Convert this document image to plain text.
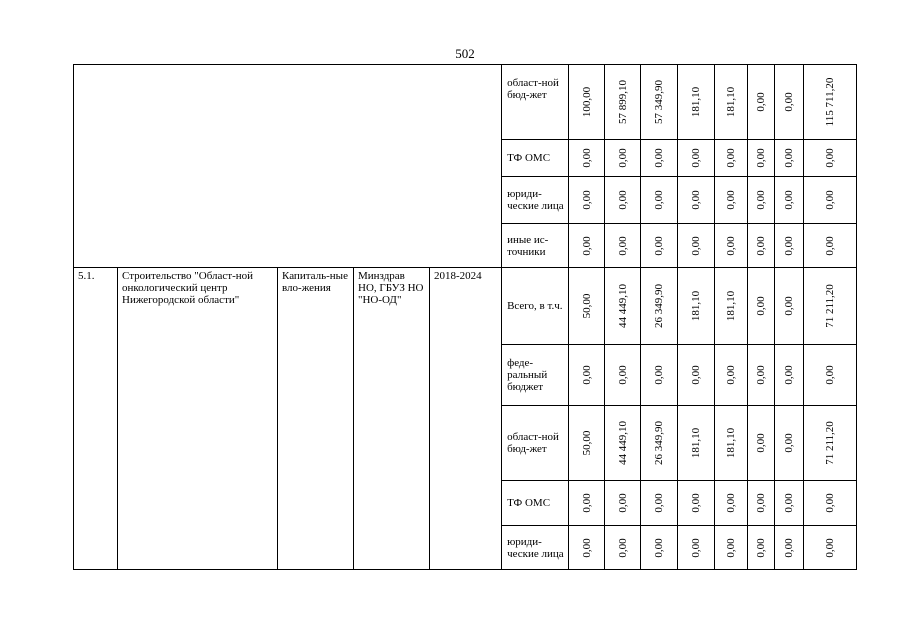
502
					област-ной бюд-жет	100,00	57 899,10	57 349,90	181,10	181,10	0,00	0,00	115 711,20

					ТФ ОМС	0,00	0,00	0,00	0,00	0,00	0,00	0,00	0,00

					юриди-ческие лица	0,00	0,00	0,00	0,00	0,00	0,00	0,00	0,00

					иные ис-точники	0,00	0,00	0,00	0,00	0,00	0,00	0,00	0,00

5.1.	Строительство "Област-ной онкологический центр Нижегородской области"	Капиталь-ные вло-жения	Минздрав НО, ГБУЗ НО "НО-ОД"	2018-2024	Всего, в т.ч.	50,00	44 449,10	26 349,90	181,10	181,10	0,00	0,00	71 211,20

					феде-ральный бюджет	0,00	0,00	0,00	0,00	0,00	0,00	0,00	0,00

					област-ной бюд-жет	50,00	44 449,10	26 349,90	181,10	181,10	0,00	0,00	71 211,20

					ТФ ОМС	0,00	0,00	0,00	0,00	0,00	0,00	0,00	0,00

					юриди-ческие лица	0,00	0,00	0,00	0,00	0,00	0,00	0,00	0,00
